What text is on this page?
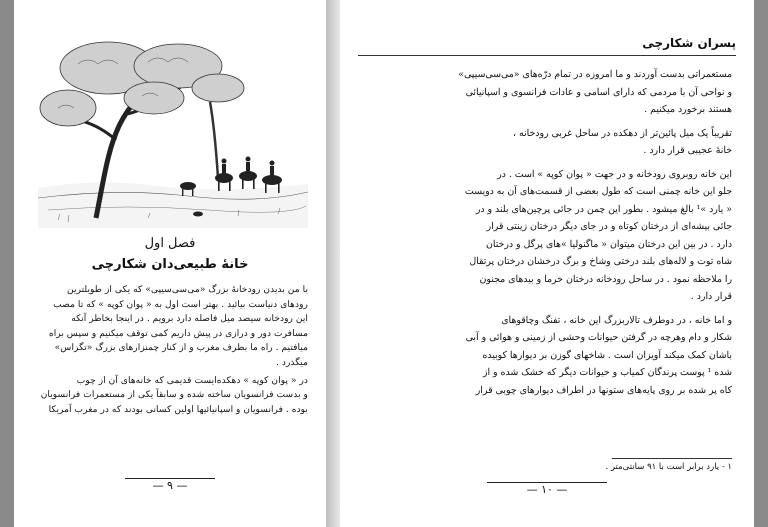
فصل اول
خانهٔ طبیعی‌دان شکارچی
با من بدیدن رودخانهٔ بزرگ «می‌سی‌سیپی» که یکی از طویلترین
رودهای دنیاست بیائید . بهتر است اول به « پوان کوپه » که تا مصب
این رودخانه سیصد میل فاصله دارد برویم . در اینجا بخاطر آنکه
مسافرت دور و درازی در پیش داریم کمی توقف میکنیم و سپس براه
میافتیم . راه ما بطرف مغرب و از کنار چمنزارهای بزرگ «تگزاس»
میگذرد .
در « پوان کوپه » دهکده‌ایست قدیمی که خانه‌های آن از چوب
و بدست فرانسویان ساخته شده و سابقاً یکی از مستعمرات فرانسویان
بوده . فرانسویان و اسپانیائیها اولین کسانی بودند که در مغرب آمریکا
— ۹ —
پسران شکارچی
مستعمراتی بدست آوردند و ما امروزه در تمام درّه‌های «می‌سی‌سیپی»
و نواحی آن با مردمی که دارای اسامی و عادات فرانسوی و اسپانیائی
هستند برخورد میکنیم .
تقریباً یک میل پائین‌تر از دهکده در ساحل غربی رودخانه ،
خانهٔ عجیبی قرار دارد .
این خانه روبروی رودخانه و در جهت « پوان کوپه » است . در
جلو این خانه چمنی است که طول بعضی از قسمت‌های آن به دویست
« یارد »¹ بالغ میشود . بطور این چمن در جائی پرچین‌های بلند و در
جائی بیشه‌ای از درختان کوتاه و در جای دیگر درختان زینتی قرار
دارد . در بین این درختان میتوان « ماگنولیا »های پرگل و درختان
شاه توت و لاله‌های بلند درختی وشاخ و برگ درخشان درختان پرتقال
را ملاحظه نمود . در ساحل رودخانه درختان خرما و بیدهای مجنون
قرار دارد .
و اما خانه ، در دوطرف تالاربزرگ این خانه ، تفنگ وچاقوهای
شکار و دام وهرچه در گرفتن حیوانات وحشی از زمینی و هوائی و آبی
باشان کمک میکند آویزان است . شاخهای گوزن بر دیوارها کوبیده
شده ¹ پوست پرندگان کمیاب و حیوانات دیگر که خشک شده و از
کاه پر شده بر روی پایه‌های ستونها در اطراف دیوارهای چوبی قرار
۱ - یارد برابر است با ۹۱ سانتی‌متر .
— ۱۰ —
